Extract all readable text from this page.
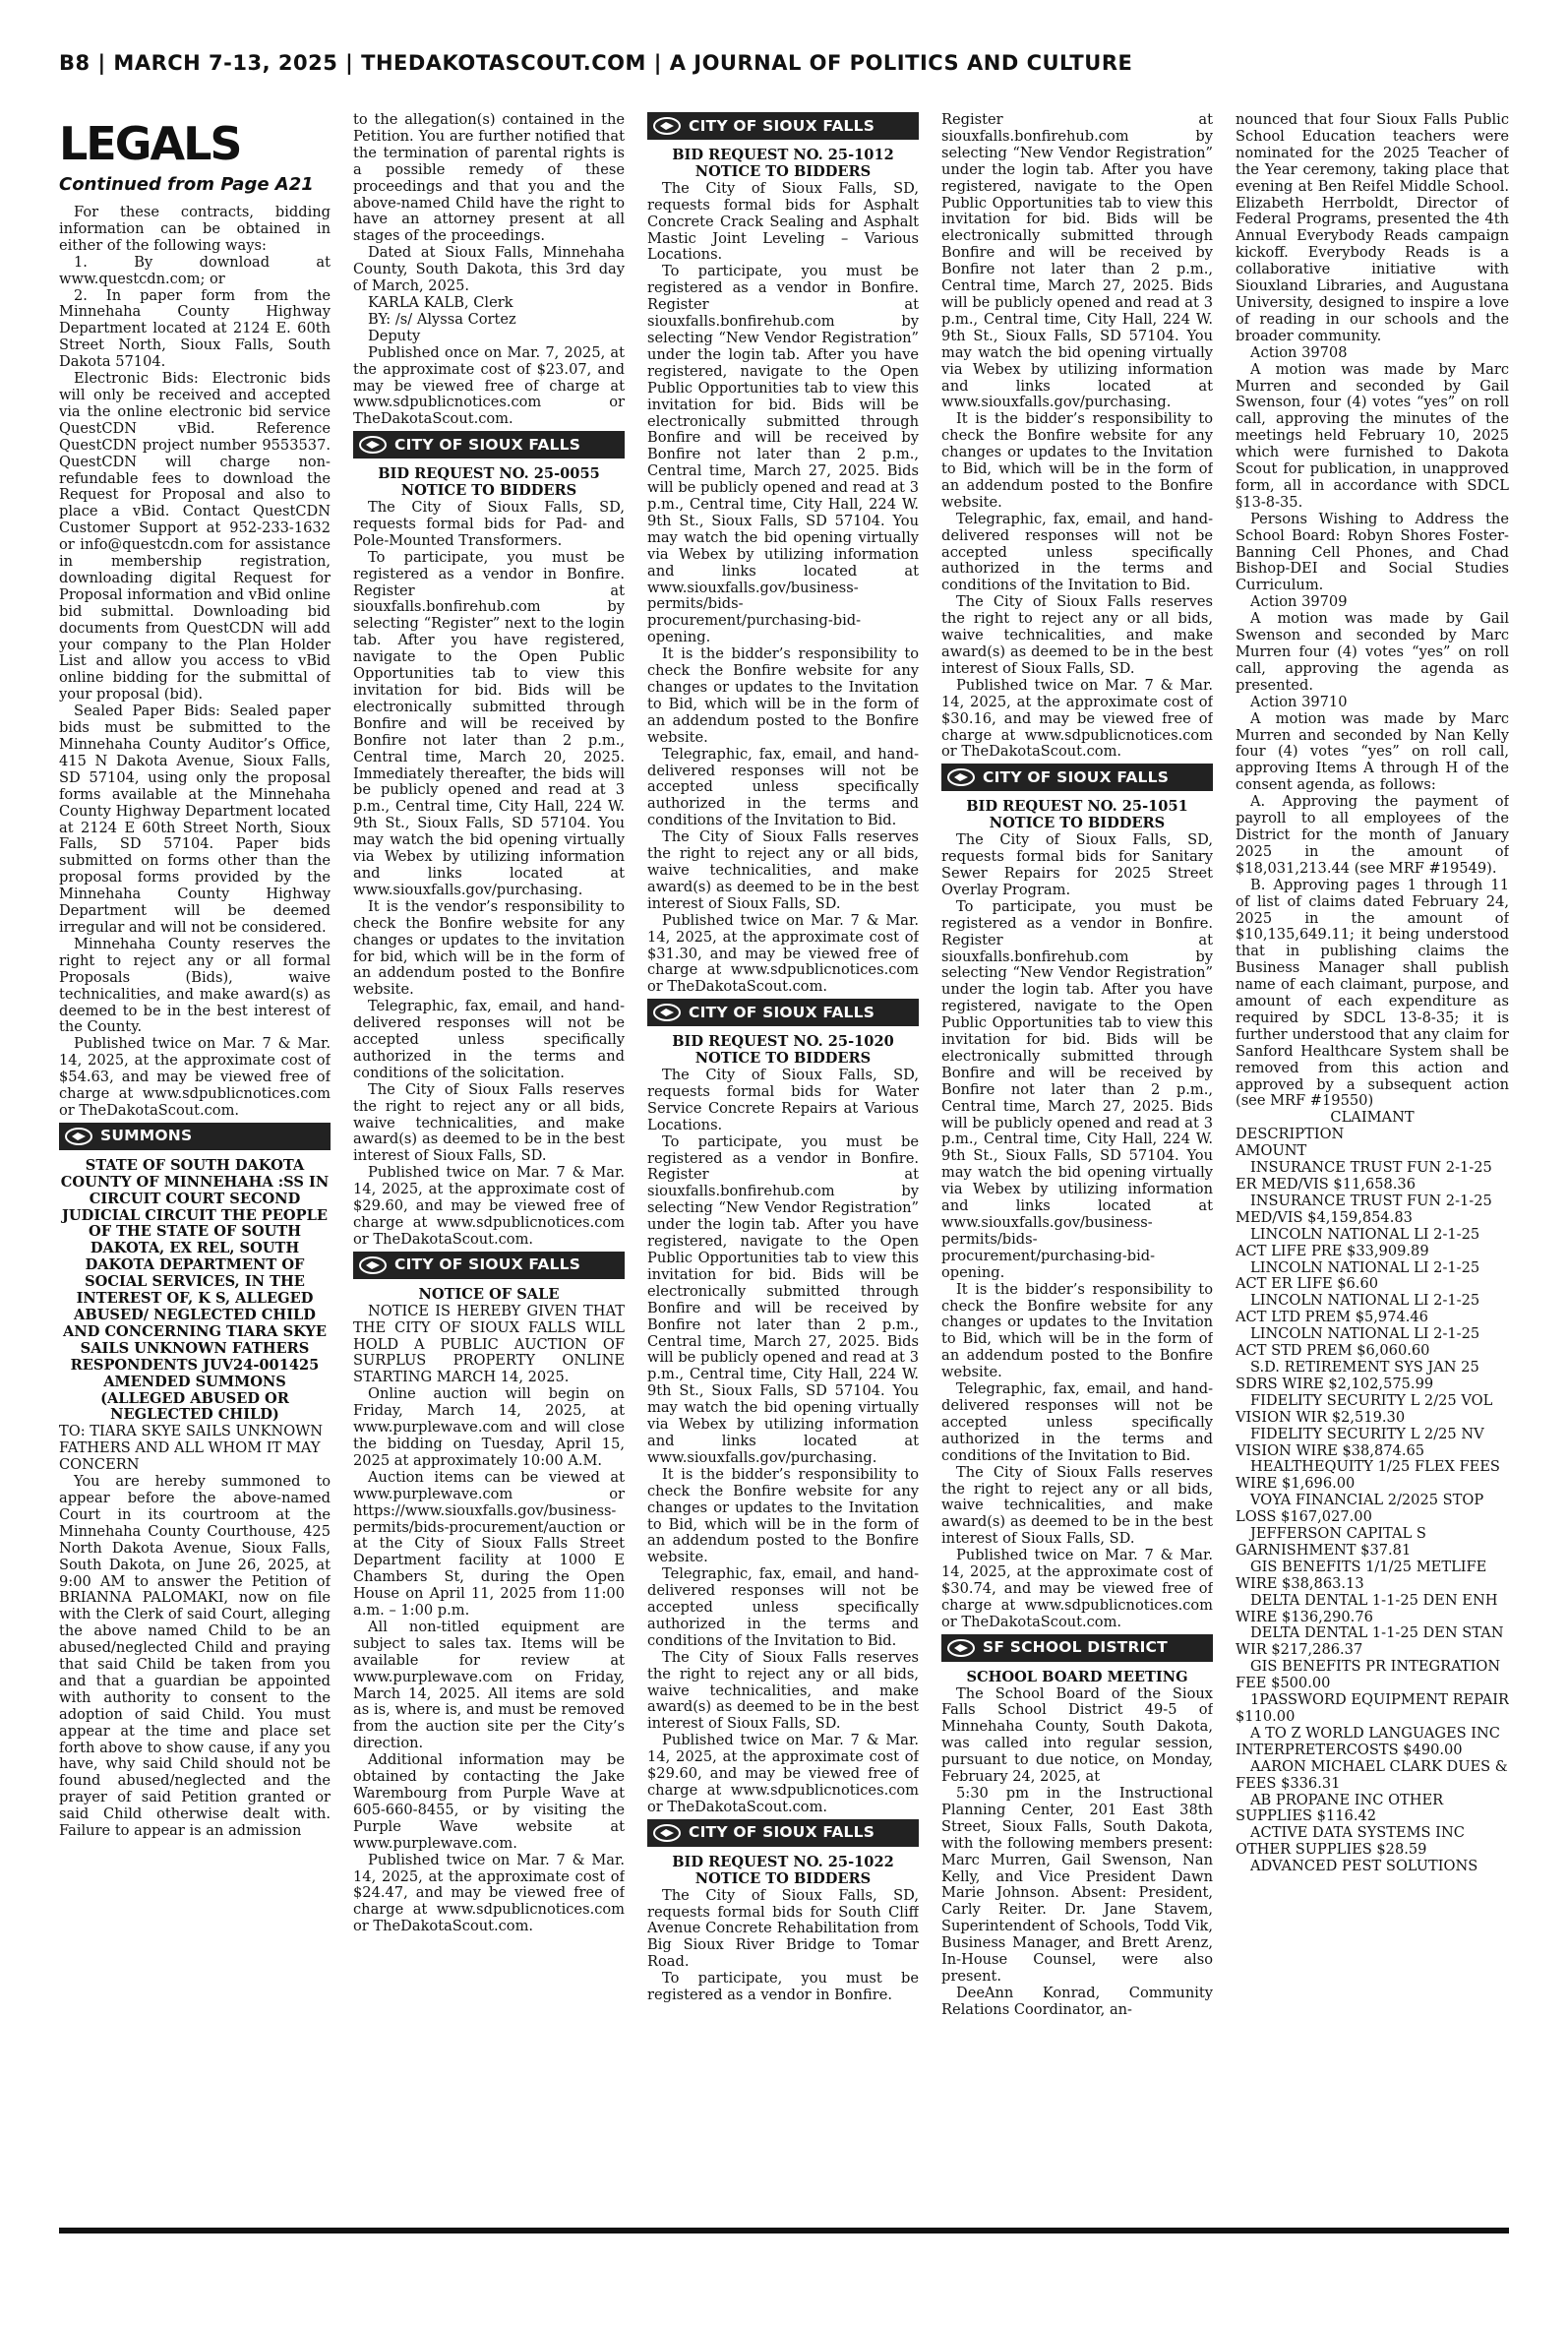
B8 | MARCH 7-13, 2025 | THEDAKOTASCOUT.COM | A JOURNAL OF POLITICS AND CULTURE
LEGALS
Continued from Page A21

For these contracts, bidding information can be obtained in either of the following ways:

1. By download at www.questcdn.com; or

2. In paper form from the Minnehaha County Highway Department located at 2124 E. 60th Street North, Sioux Falls, South Dakota 57104.

Electronic Bids: Electronic bids will only be received and accepted via the online electronic bid service QuestCDN vBid. Reference QuestCDN project number 9553537. QuestCDN will charge non-refundable fees to download the Request for Proposal and also to place a vBid. Contact QuestCDN Customer Support at 952-233-1632 or info@questcdn.com for assistance in membership registration, downloading digital Request for Proposal information and vBid online bid submittal. Downloading bid documents from QuestCDN will add your company to the Plan Holder List and allow you access to vBid online bidding for the submittal of your proposal (bid).

Sealed Paper Bids: Sealed paper bids must be submitted to the Minnehaha County Auditor’s Office, 415 N Dakota Avenue, Sioux Falls, SD 57104, using only the proposal forms available at the Minnehaha County Highway Department located at 2124 E 60th Street North, Sioux Falls, SD 57104. Paper bids submitted on forms other than the proposal forms provided by the Minnehaha County Highway Department will be deemed irregular and will not be considered.

Minnehaha County reserves the right to reject any or all formal Proposals (Bids), waive technicalities, and make award(s) as deemed to be in the best interest of the County.

Published twice on Mar. 7 & Mar. 14, 2025, at the approximate cost of $54.63, and may be viewed free of charge at www.sdpublicnotices.com or TheDakotaScout.com.

SUMMONS

STATE OF SOUTH DAKOTA COUNTY OF MINNEHAHA :SS IN CIRCUIT COURT SECOND JUDICIAL CIRCUIT THE PEOPLE OF THE STATE OF SOUTH DAKOTA, EX REL, SOUTH DAKOTA DEPARTMENT OF SOCIAL SERVICES, IN THE INTEREST OF, K S, ALLEGED ABUSED/ NEGLECTED CHILD AND CONCERNING TIARA SKYE SAILS UNKNOWN FATHERS RESPONDENTS JUV24-001425 AMENDED SUMMONS (ALLEGED ABUSED OR NEGLECTED CHILD)

TO: TIARA SKYE SAILS UNKNOWN FATHERS AND ALL WHOM IT MAY CONCERN

You are hereby summoned to appear before the above-named Court in its courtroom at the Minnehaha County Courthouse, 425 North Dakota Avenue, Sioux Falls, South Dakota, on June 26, 2025, at 9:00 AM to answer the Petition of BRIANNA PALOMAKI, now on file with the Clerk of said Court, alleging the above named Child to be an abused/neglected Child and praying that said Child be taken from you and that a guardian be appointed with authority to consent to the adoption of said Child. You must appear at the time and place set forth above to show cause, if any you have, why said Child should not be found abused/neglected and the prayer of said Petition granted or said Child otherwise dealt with. Failure to appear is an admission

to the allegation(s) contained in the Petition. You are further notified that the termination of parental rights is a possible remedy of these proceedings and that you and the above-named Child have the right to have an attorney present at all stages of the proceedings.

Dated at Sioux Falls, Minnehaha County, South Dakota, this 3rd day of March, 2025.

KARLA KALB, Clerk

BY: /s/ Alyssa Cortez

Deputy

Published once on Mar. 7, 2025, at the approximate cost of $23.07, and may be viewed free of charge at www.sdpublicnotices.com or TheDakotaScout.com.

CITY OF SIOUX FALLS

BID REQUEST NO. 25-0055 NOTICE TO BIDDERS

The City of Sioux Falls, SD, requests formal bids for Pad- and Pole-Mounted Transformers.

To participate, you must be registered as a vendor in Bonfire. Register at siouxfalls.bonfirehub.com by selecting “Register” next to the login tab. After you have registered, navigate to the Open Public Opportunities tab to view this invitation for bid. Bids will be electronically submitted through Bonfire and will be received by Bonfire not later than 2 p.m., Central time, March 20, 2025. Immediately thereafter, the bids will be publicly opened and read at 3 p.m., Central time, City Hall, 224 W. 9th St., Sioux Falls, SD 57104. You may watch the bid opening virtually via Webex by utilizing information and links located at www.siouxfalls.gov/purchasing.

It is the vendor’s responsibility to check the Bonfire website for any changes or updates to the invitation for bid, which will be in the form of an addendum posted to the Bonfire website.

Telegraphic, fax, email, and hand-delivered responses will not be accepted unless specifically authorized in the terms and conditions of the solicitation.

The City of Sioux Falls reserves the right to reject any or all bids, waive technicalities, and make award(s) as deemed to be in the best interest of Sioux Falls, SD.

Published twice on Mar. 7 & Mar. 14, 2025, at the approximate cost of $29.60, and may be viewed free of charge at www.sdpublicnotices.com or TheDakotaScout.com.

CITY OF SIOUX FALLS

NOTICE OF SALE

NOTICE IS HEREBY GIVEN THAT THE CITY OF SIOUX FALLS WILL HOLD A PUBLIC AUCTION OF SURPLUS PROPERTY ONLINE STARTING MARCH 14, 2025.

Online auction will begin on Friday, March 14, 2025, at www.purplewave.com and will close the bidding on Tuesday, April 15, 2025 at approximately 10:00 A.M.

Auction items can be viewed at www.purplewave.com or https://www.siouxfalls.gov/business-permits/bids-procurement/auction or at the City of Sioux Falls Street Department facility at 1000 E Chambers St, during the Open House on April 11, 2025 from 11:00 a.m. – 1:00 p.m.

All non-titled equipment are subject to sales tax. Items will be available for review at www.purplewave.com on Friday, March 14, 2025. All items are sold as is, where is, and must be removed from the auction site per the City’s direction.

Additional information may be obtained by contacting the Jake Warembourg from Purple Wave at 605-660-8455, or by visiting the Purple Wave website at www.purplewave.com.

Published twice on Mar. 7 & Mar. 14, 2025, at the approximate cost of $24.47, and may be viewed free of charge at www.sdpublicnotices.com or TheDakotaScout.com.

CITY OF SIOUX FALLS

BID REQUEST NO. 25-1012 NOTICE TO BIDDERS

The City of Sioux Falls, SD, requests formal bids for Asphalt Concrete Crack Sealing and Asphalt Mastic Joint Leveling – Various Locations.

To participate, you must be registered as a vendor in Bonfire. Register at siouxfalls.bonfirehub.com by selecting “New Vendor Registration” under the login tab. After you have registered, navigate to the Open Public Opportunities tab to view this invitation for bid. Bids will be electronically submitted through Bonfire and will be received by Bonfire not later than 2 p.m., Central time, March 27, 2025. Bids will be publicly opened and read at 3 p.m., Central time, City Hall, 224 W. 9th St., Sioux Falls, SD 57104. You may watch the bid opening virtually via Webex by utilizing information and links located at www.siouxfalls.gov/business-permits/bids-procurement/purchasing-bid-opening.

It is the bidder’s responsibility to check the Bonfire website for any changes or updates to the Invitation to Bid, which will be in the form of an addendum posted to the Bonfire website.

Telegraphic, fax, email, and hand-delivered responses will not be accepted unless specifically authorized in the terms and conditions of the Invitation to Bid.

The City of Sioux Falls reserves the right to reject any or all bids, waive technicalities, and make award(s) as deemed to be in the best interest of Sioux Falls, SD.

Published twice on Mar. 7 & Mar. 14, 2025, at the approximate cost of $31.30, and may be viewed free of charge at www.sdpublicnotices.com or TheDakotaScout.com.

CITY OF SIOUX FALLS

BID REQUEST NO. 25-1020 NOTICE TO BIDDERS

The City of Sioux Falls, SD, requests formal bids for Water Service Concrete Repairs at Various Locations.

To participate, you must be registered as a vendor in Bonfire. Register at siouxfalls.bonfirehub.com by selecting “New Vendor Registration” under the login tab. After you have registered, navigate to the Open Public Opportunities tab to view this invitation for bid. Bids will be electronically submitted through Bonfire and will be received by Bonfire not later than 2 p.m., Central time, March 27, 2025. Bids will be publicly opened and read at 3 p.m., Central time, City Hall, 224 W. 9th St., Sioux Falls, SD 57104. You may watch the bid opening virtually via Webex by utilizing information and links located at www.siouxfalls.gov/purchasing.

It is the bidder’s responsibility to check the Bonfire website for any changes or updates to the Invitation to Bid, which will be in the form of an addendum posted to the Bonfire website.

Telegraphic, fax, email, and hand-delivered responses will not be accepted unless specifically authorized in the terms and conditions of the Invitation to Bid.

The City of Sioux Falls reserves the right to reject any or all bids, waive technicalities, and make award(s) as deemed to be in the best interest of Sioux Falls, SD.

Published twice on Mar. 7 & Mar. 14, 2025, at the approximate cost of $29.60, and may be viewed free of charge at www.sdpublicnotices.com or TheDakotaScout.com.

CITY OF SIOUX FALLS

BID REQUEST NO. 25-1022 NOTICE TO BIDDERS

The City of Sioux Falls, SD, requests formal bids for South Cliff Avenue Concrete Rehabilitation from Big Sioux River Bridge to Tomar Road.

To participate, you must be registered as a vendor in Bonfire.

Register at siouxfalls.bonfirehub.com by selecting “New Vendor Registration” under the login tab. After you have registered, navigate to the Open Public Opportunities tab to view this invitation for bid. Bids will be electronically submitted through Bonfire and will be received by Bonfire not later than 2 p.m., Central time, March 27, 2025. Bids will be publicly opened and read at 3 p.m., Central time, City Hall, 224 W. 9th St., Sioux Falls, SD 57104. You may watch the bid opening virtually via Webex by utilizing information and links located at www.siouxfalls.gov/purchasing.

It is the bidder’s responsibility to check the Bonfire website for any changes or updates to the Invitation to Bid, which will be in the form of an addendum posted to the Bonfire website.

Telegraphic, fax, email, and hand-delivered responses will not be accepted unless specifically authorized in the terms and conditions of the Invitation to Bid.

The City of Sioux Falls reserves the right to reject any or all bids, waive technicalities, and make award(s) as deemed to be in the best interest of Sioux Falls, SD.

Published twice on Mar. 7 & Mar. 14, 2025, at the approximate cost of $30.16, and may be viewed free of charge at www.sdpublicnotices.com or TheDakotaScout.com.

CITY OF SIOUX FALLS

BID REQUEST NO. 25-1051 NOTICE TO BIDDERS

The City of Sioux Falls, SD, requests formal bids for Sanitary Sewer Repairs for 2025 Street Overlay Program.

To participate, you must be registered as a vendor in Bonfire. Register at siouxfalls.bonfirehub.com by selecting “New Vendor Registration” under the login tab. After you have registered, navigate to the Open Public Opportunities tab to view this invitation for bid. Bids will be electronically submitted through Bonfire and will be received by Bonfire not later than 2 p.m., Central time, March 27, 2025. Bids will be publicly opened and read at 3 p.m., Central time, City Hall, 224 W. 9th St., Sioux Falls, SD 57104. You may watch the bid opening virtually via Webex by utilizing information and links located at www.siouxfalls.gov/business-permits/bids-procurement/purchasing-bid-opening.

It is the bidder’s responsibility to check the Bonfire website for any changes or updates to the Invitation to Bid, which will be in the form of an addendum posted to the Bonfire website.

Telegraphic, fax, email, and hand-delivered responses will not be accepted unless specifically authorized in the terms and conditions of the Invitation to Bid.

The City of Sioux Falls reserves the right to reject any or all bids, waive technicalities, and make award(s) as deemed to be in the best interest of Sioux Falls, SD.

Published twice on Mar. 7 & Mar. 14, 2025, at the approximate cost of $30.74, and may be viewed free of charge at www.sdpublicnotices.com or TheDakotaScout.com.

SF SCHOOL DISTRICT

SCHOOL BOARD MEETING

The School Board of the Sioux Falls School District 49-5 of Minnehaha County, South Dakota, was called into regular session, pursuant to due notice, on Monday, February 24, 2025, at

5:30 pm in the Instructional Planning Center, 201 East 38th Street, Sioux Falls, South Dakota, with the following members present: Marc Murren, Gail Swenson, Nan Kelly, and Vice President Dawn Marie Johnson. Absent: President, Carly Reiter. Dr. Jane Stavem, Superintendent of Schools, Todd Vik, Business Manager, and Brett Arenz, In-House Counsel, were also present.

DeeAnn Konrad, Community Relations Coordinator, an-

nounced that four Sioux Falls Public School Education teachers were nominated for the 2025 Teacher of the Year ceremony, taking place that evening at Ben Reifel Middle School. Elizabeth Herrboldt, Director of Federal Programs, presented the 4th Annual Everybody Reads campaign kickoff. Everybody Reads is a collaborative initiative with Siouxland Libraries, and Augustana University, designed to inspire a love of reading in our schools and the broader community.

Action 39708

A motion was made by Marc Murren and seconded by Gail Swenson, four (4) votes “yes” on roll call, approving the minutes of the meetings held February 10, 2025 which were furnished to Dakota Scout for publication, in unapproved form, all in accordance with SDCL §13-8-35.

Persons Wishing to Address the School Board: Robyn Shores Foster-Banning Cell Phones, and Chad Bishop-DEI and Social Studies Curriculum.

Action 39709

A motion was made by Gail Swenson and seconded by Marc Murren four (4) votes “yes” on roll call, approving the agenda as presented.

Action 39710

A motion was made by Marc Murren and seconded by Nan Kelly four (4) votes “yes” on roll call, approving Items A through H of the consent agenda, as follows:

A. Approving the payment of payroll to all employees of the District for the month of January 2025 in the amount of $18,031,213.44 (see MRF #19549).

B. Approving pages 1 through 11 of list of claims dated February 24, 2025 in the amount of $10,135,649.11; it being understood that in publishing claims the Business Manager shall publish name of each claimant, purpose, and amount of each expenditure as required by SDCL 13-8-35; it is further understood that any claim for Sanford Healthcare System shall be removed from this action and approved by a subsequent action (see MRF #19550)

CLAIMANT

DESCRIPTION

AMOUNT

INSURANCE TRUST FUN 2-1-25 ER MED/VIS $11,658.36

INSURANCE TRUST FUN 2-1-25 MED/VIS $4,159,854.83

LINCOLN NATIONAL LI 2-1-25 ACT LIFE PRE $33,909.89

LINCOLN NATIONAL LI 2-1-25 ACT ER LIFE $6.60

LINCOLN NATIONAL LI 2-1-25 ACT LTD PREM $5,974.46

LINCOLN NATIONAL LI 2-1-25 ACT STD PREM $6,060.60

S.D. RETIREMENT SYS JAN 25 SDRS WIRE $2,102,575.99

FIDELITY SECURITY L 2/25 VOL VISION WIR $2,519.30

FIDELITY SECURITY L 2/25 NV VISION WIRE $38,874.65

HEALTHEQUITY 1/25 FLEX FEES WIRE $1,696.00

VOYA FINANCIAL 2/2025 STOP LOSS $167,027.00

JEFFERSON CAPITAL S GARNISHMENT $37.81

GIS BENEFITS 1/1/25 METLIFE WIRE $38,863.13

DELTA DENTAL 1-1-25 DEN ENH WIRE $136,290.76

DELTA DENTAL 1-1-25 DEN STAN WIR $217,286.37

GIS BENEFITS PR INTEGRATION FEE $500.00

1PASSWORD EQUIPMENT REPAIR $110.00

A TO Z WORLD LANGUAGES INC INTERPRETERCOSTS $490.00

AARON MICHAEL CLARK DUES & FEES $336.31

AB PROPANE INC OTHER SUPPLIES $116.42

ACTIVE DATA SYSTEMS INC OTHER SUPPLIES $28.59

ADVANCED PEST SOLUTIONS
